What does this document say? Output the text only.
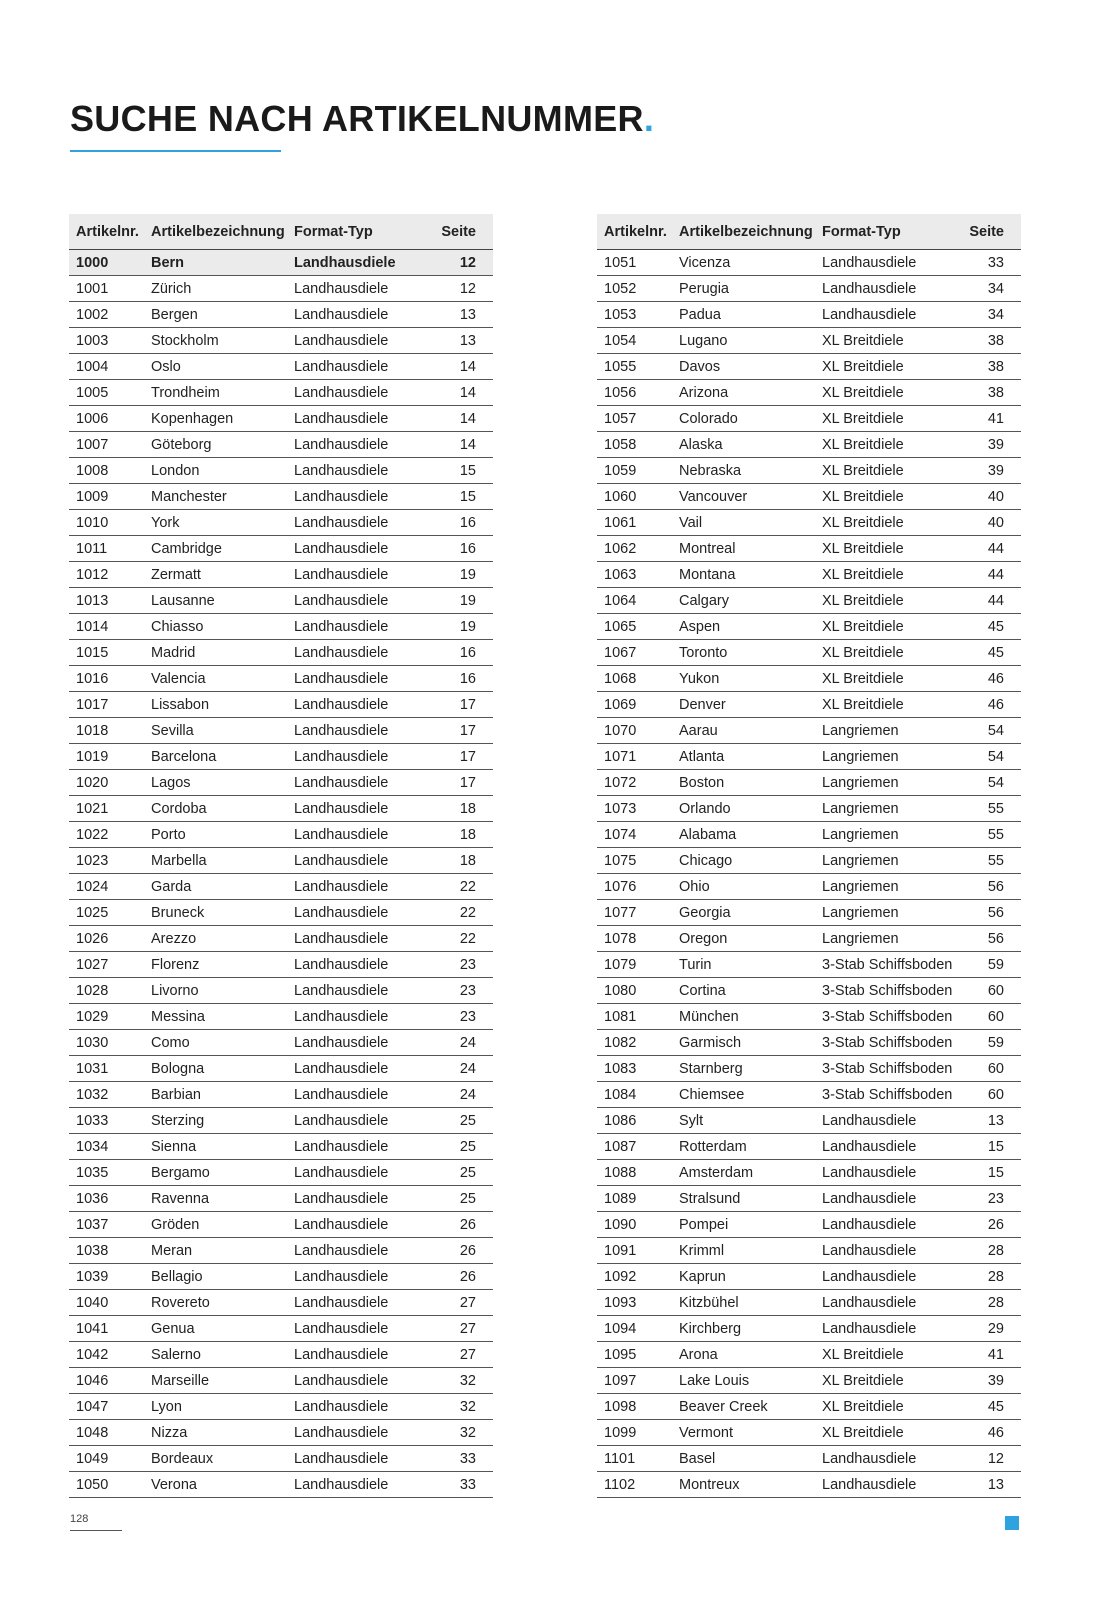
SUCHE NACH ARTIKELNUMMER.
Artikelnr.	Artikelbezeichnung	Format-Typ	Seite
1000	Bern	Landhausdiele	12
1001	Zürich	Landhausdiele	12
1002	Bergen	Landhausdiele	13
1003	Stockholm	Landhausdiele	13
1004	Oslo	Landhausdiele	14
1005	Trondheim	Landhausdiele	14
1006	Kopenhagen	Landhausdiele	14
1007	Göteborg	Landhausdiele	14
1008	London	Landhausdiele	15
1009	Manchester	Landhausdiele	15
1010	York	Landhausdiele	16
1011	Cambridge	Landhausdiele	16
1012	Zermatt	Landhausdiele	19
1013	Lausanne	Landhausdiele	19
1014	Chiasso	Landhausdiele	19
1015	Madrid	Landhausdiele	16
1016	Valencia	Landhausdiele	16
1017	Lissabon	Landhausdiele	17
1018	Sevilla	Landhausdiele	17
1019	Barcelona	Landhausdiele	17
1020	Lagos	Landhausdiele	17
1021	Cordoba	Landhausdiele	18
1022	Porto	Landhausdiele	18
1023	Marbella	Landhausdiele	18
1024	Garda	Landhausdiele	22
1025	Bruneck	Landhausdiele	22
1026	Arezzo	Landhausdiele	22
1027	Florenz	Landhausdiele	23
1028	Livorno	Landhausdiele	23
1029	Messina	Landhausdiele	23
1030	Como	Landhausdiele	24
1031	Bologna	Landhausdiele	24
1032	Barbian	Landhausdiele	24
1033	Sterzing	Landhausdiele	25
1034	Sienna	Landhausdiele	25
1035	Bergamo	Landhausdiele	25
1036	Ravenna	Landhausdiele	25
1037	Gröden	Landhausdiele	26
1038	Meran	Landhausdiele	26
1039	Bellagio	Landhausdiele	26
1040	Rovereto	Landhausdiele	27
1041	Genua	Landhausdiele	27
1042	Salerno	Landhausdiele	27
1046	Marseille	Landhausdiele	32
1047	Lyon	Landhausdiele	32
1048	Nizza	Landhausdiele	32
1049	Bordeaux	Landhausdiele	33
1050	Verona	Landhausdiele	33
Artikelnr.	Artikelbezeichnung	Format-Typ	Seite
1051	Vicenza	Landhausdiele	33
1052	Perugia	Landhausdiele	34
1053	Padua	Landhausdiele	34
1054	Lugano	XL Breitdiele	38
1055	Davos	XL Breitdiele	38
1056	Arizona	XL Breitdiele	38
1057	Colorado	XL Breitdiele	41
1058	Alaska	XL Breitdiele	39
1059	Nebraska	XL Breitdiele	39
1060	Vancouver	XL Breitdiele	40
1061	Vail	XL Breitdiele	40
1062	Montreal	XL Breitdiele	44
1063	Montana	XL Breitdiele	44
1064	Calgary	XL Breitdiele	44
1065	Aspen	XL Breitdiele	45
1067	Toronto	XL Breitdiele	45
1068	Yukon	XL Breitdiele	46
1069	Denver	XL Breitdiele	46
1070	Aarau	Langriemen	54
1071	Atlanta	Langriemen	54
1072	Boston	Langriemen	54
1073	Orlando	Langriemen	55
1074	Alabama	Langriemen	55
1075	Chicago	Langriemen	55
1076	Ohio	Langriemen	56
1077	Georgia	Langriemen	56
1078	Oregon	Langriemen	56
1079	Turin	3-Stab Schiffsboden	59
1080	Cortina	3-Stab Schiffsboden	60
1081	München	3-Stab Schiffsboden	60
1082	Garmisch	3-Stab Schiffsboden	59
1083	Starnberg	3-Stab Schiffsboden	60
1084	Chiemsee	3-Stab Schiffsboden	60
1086	Sylt	Landhausdiele	13
1087	Rotterdam	Landhausdiele	15
1088	Amsterdam	Landhausdiele	15
1089	Stralsund	Landhausdiele	23
1090	Pompei	Landhausdiele	26
1091	Krimml	Landhausdiele	28
1092	Kaprun	Landhausdiele	28
1093	Kitzbühel	Landhausdiele	28
1094	Kirchberg	Landhausdiele	29
1095	Arona	XL Breitdiele	41
1097	Lake Louis	XL Breitdiele	39
1098	Beaver Creek	XL Breitdiele	45
1099	Vermont	XL Breitdiele	46
1101	Basel	Landhausdiele	12
1102	Montreux	Landhausdiele	13
128
